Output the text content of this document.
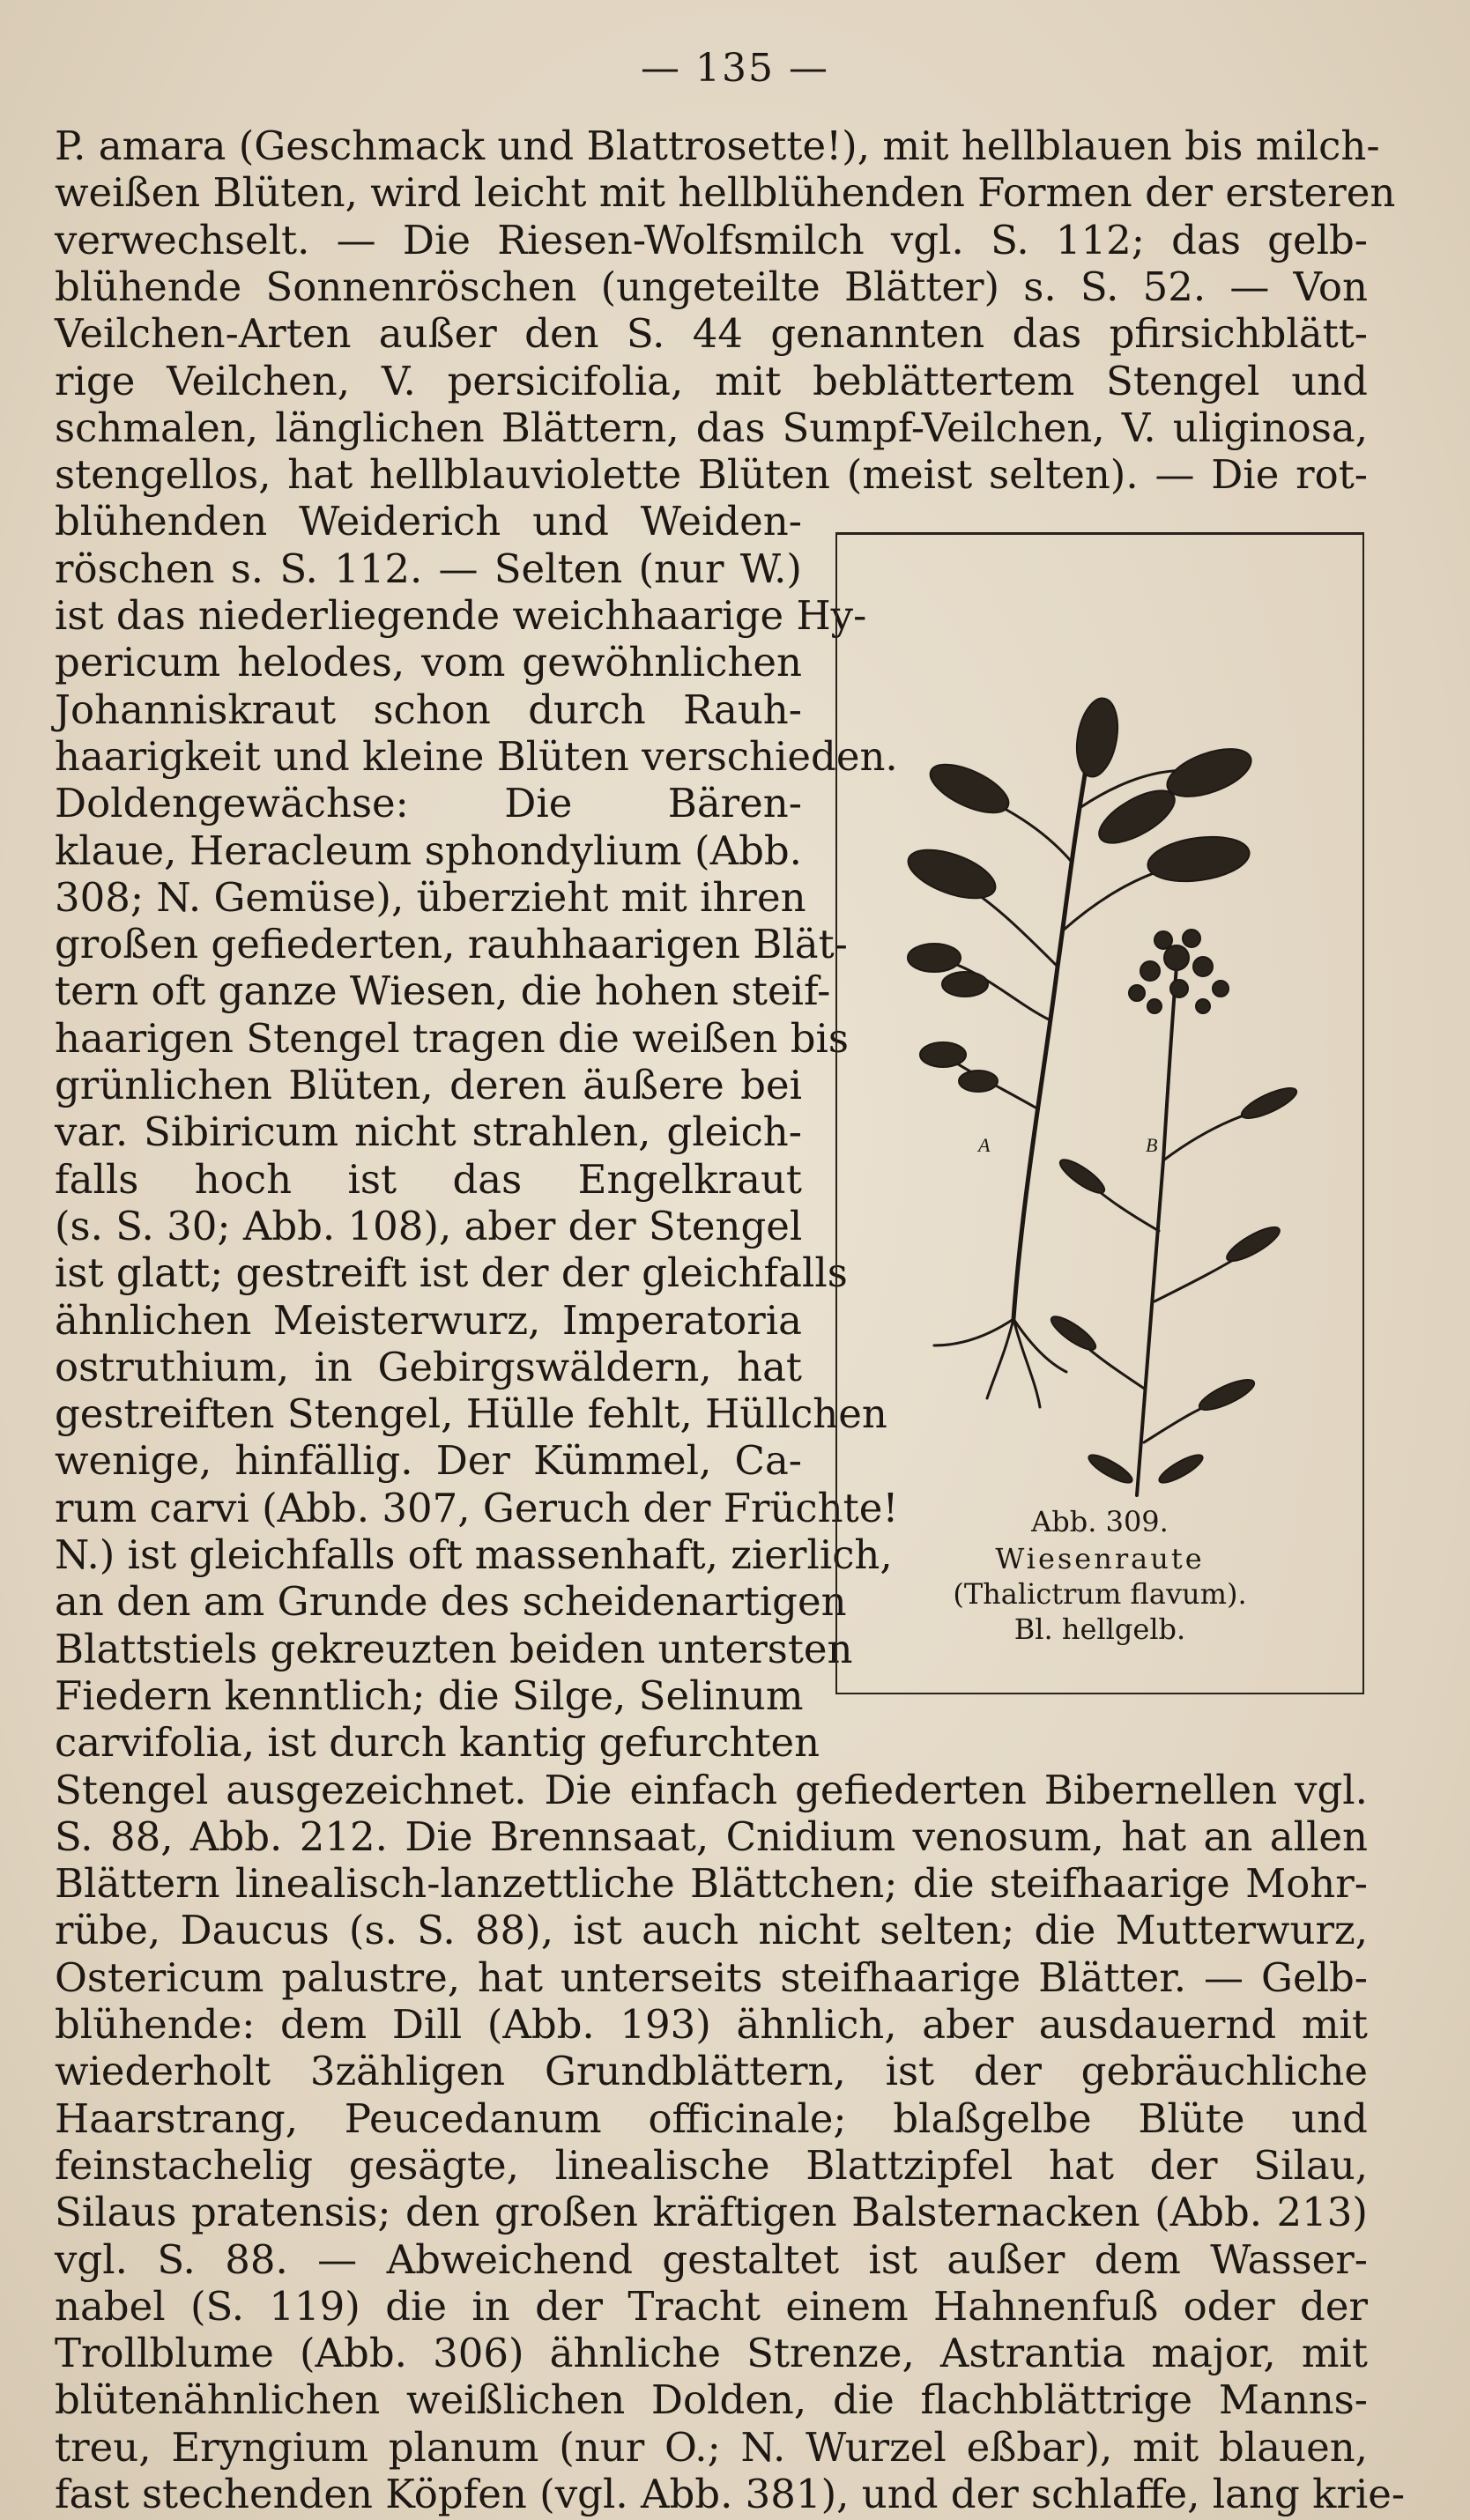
— 135 —
P. amara (Geschmack und Blattrosette!), mit hellblauen bis milch-
weißen Blüten, wird leicht mit hellblühenden Formen der ersteren
verwechselt. — Die Riesen-Wolfsmilch vgl. S. 112; das gelb-
blühende Sonnenröschen (ungeteilte Blätter) s. S. 52. — Von
Veilchen-Arten außer den S. 44 genannten das pfirsichblätt-
rige Veilchen, V. persicifolia, mit beblättertem Stengel und
schmalen, länglichen Blättern, das Sumpf-Veilchen, V. uliginosa,
stengellos, hat hellblauviolette Blüten (meist selten). — Die rot-
blühenden Weiderich und Weiden-
röschen s. S. 112. — Selten (nur W.)
ist das niederliegende weichhaarige Hy-
pericum helodes, vom gewöhnlichen
Johanniskraut schon durch Rauh-
haarigkeit und kleine Blüten verschieden.
Doldengewächse: Die Bären-
klaue, Heracleum sphondylium (Abb.
308; N. Gemüse), überzieht mit ihren
großen gefiederten, rauhhaarigen Blät-
tern oft ganze Wiesen, die hohen steif-
haarigen Stengel tragen die weißen bis
grünlichen Blüten, deren äußere bei
var. Sibiricum nicht strahlen, gleich-
falls hoch ist das Engelkraut
(s. S. 30; Abb. 108), aber der Stengel
ist glatt; gestreift ist der der gleichfalls
ähnlichen Meisterwurz, Imperatoria
ostruthium, in Gebirgswäldern, hat
gestreiften Stengel, Hülle fehlt, Hüllchen
wenige, hinfällig. Der Kümmel, Ca-
rum carvi (Abb. 307, Geruch der Früchte!
N.) ist gleichfalls oft massenhaft, zierlich,
an den am Grunde des scheidenartigen
Blattstiels gekreuzten beiden untersten
Fiedern kenntlich; die Silge, Selinum
carvifolia, ist durch kantig gefurchten
Stengel ausgezeichnet. Die einfach gefiederten Bibernellen vgl.
S. 88, Abb. 212. Die Brennsaat, Cnidium venosum, hat an allen
Blättern linealisch-lanzettliche Blättchen; die steifhaarige Mohr-
rübe, Daucus (s. S. 88), ist auch nicht selten; die Mutterwurz,
Ostericum palustre, hat unterseits steifhaarige Blätter. — Gelb-
blühende: dem Dill (Abb. 193) ähnlich, aber ausdauernd mit
wiederholt 3zähligen Grundblättern, ist der gebräuchliche
Haarstrang, Peucedanum officinale; blaßgelbe Blüte und
feinstachelig gesägte, linealische Blattzipfel hat der Silau,
Silaus pratensis; den großen kräftigen Balsternacken (Abb. 213)
vgl. S. 88. — Abweichend gestaltet ist außer dem Wasser-
nabel (S. 119) die in der Tracht einem Hahnenfuß oder der
Trollblume (Abb. 306) ähnliche Strenze, Astrantia major, mit
blütenähnlichen weißlichen Dolden, die flachblättrige Manns-
treu, Eryngium planum (nur O.; N. Wurzel eßbar), mit blauen,
fast stechenden Köpfen (vgl. Abb. 381), und der schlaffe, lang krie-
A	B
Abb. 309.
Wiesenraute
(Thalictrum flavum).
Bl. hellgelb.
